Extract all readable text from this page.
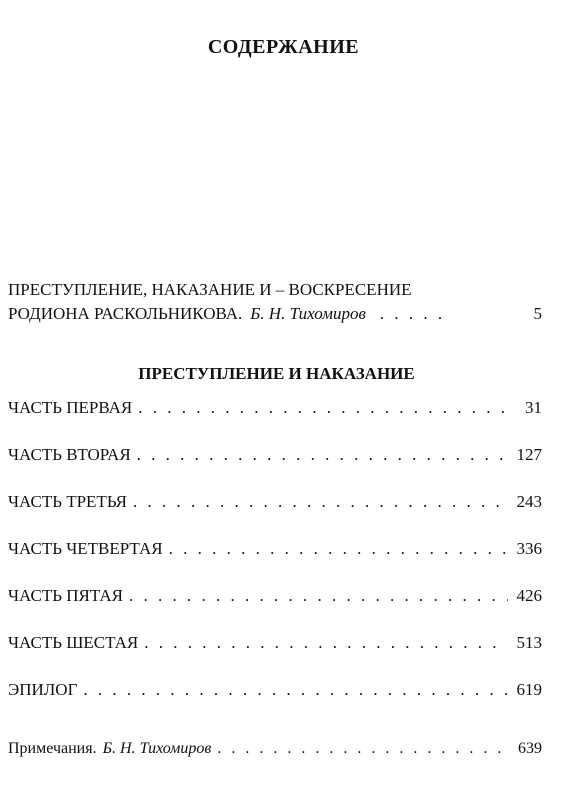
СОДЕРЖАНИЕ
ПРЕСТУПЛЕНИЕ, НАКАЗАНИЕ И – ВОСКРЕСЕНИЕ
РОДИОНА РАСКОЛЬНИКОВА. Б. Н. Тихомиров . . .	5
ПРЕСТУПЛЕНИЕ И НАКАЗАНИЕ
ЧАСТЬ ПЕРВАЯ . . .	31
ЧАСТЬ ВТОРАЯ . . .	127
ЧАСТЬ ТРЕТЬЯ . . .	243
ЧАСТЬ ЧЕТВЕРТАЯ . . .	336
ЧАСТЬ ПЯТАЯ . . .	426
ЧАСТЬ ШЕСТАЯ . . .	513
ЭПИЛОГ . . .	619
Примечания. Б. Н. Тихомиров . . .	639
